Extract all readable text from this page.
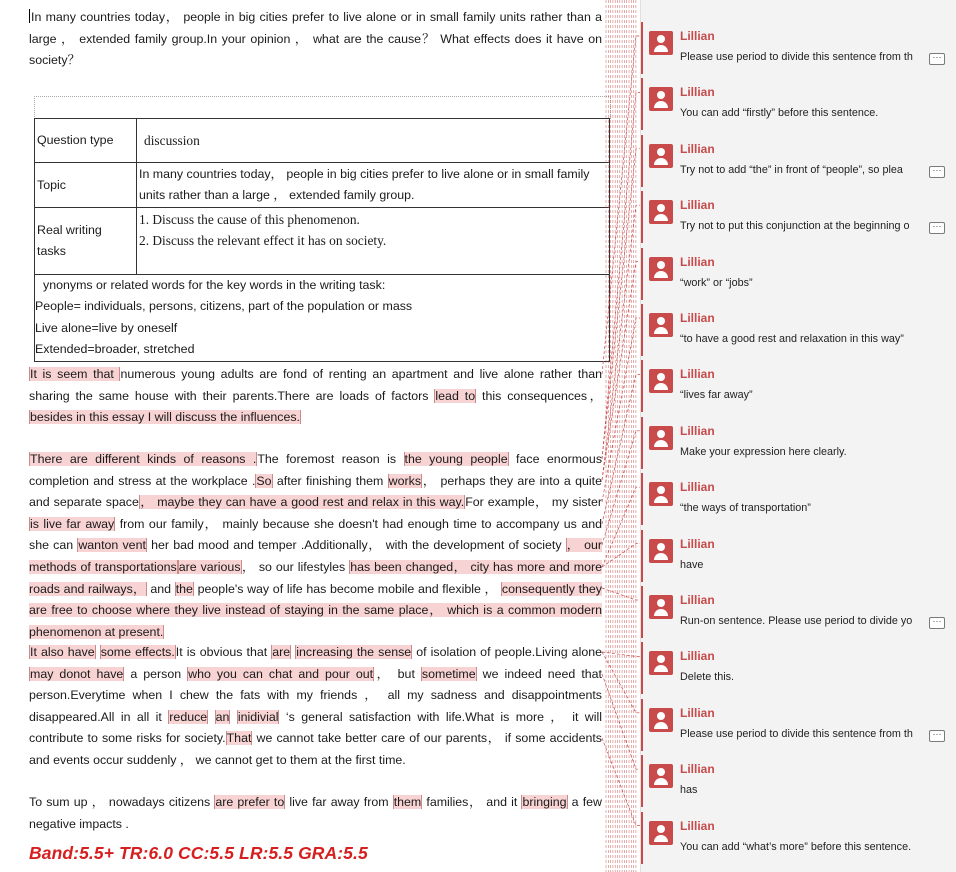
In many countries today， people in big cities prefer to live alone or in small family units rather than a large ， extended family group.In your opinion ， what are the cause？ What effects does it have on society？
Question type	discussion
Topic	In many countries today， people in big cities prefer to live alone or in small family units rather than a large ， extended family group.
Real writing tasks	1. Discuss the cause of this phenomenon.
2. Discuss the relevant effect it has on society.

ynonyms or related words for the key words in the writing task:
People= individuals, persons, citizens, part of the population or mass
Live alone=live by oneself
Extended=broader, stretched	
It is seem that numerous young adults are fond of renting an apartment and live alone rather than sharing the same house with their parents.There are loads of factors lead to this consequences， besides in this essay I will discuss the influences.
There are different kinds of reasons .The foremost reason is the young people face enormous completion and stress at the workplace .So after finishing them works， perhaps they are into a quite and separate space， maybe they can have a good rest and relax in this way.For example， my sister is live far away from our family， mainly because she doesn't had enough time to accompany us and she can wanton vent her bad mood and temper .Additionally， with the development of society ， our methods of transportations are various， so our lifestyles has been changed， city has more and more roads and railways， and the people's way of life has become mobile and flexible ， consequently they are free to choose where they live instead of staying in the same place， which is a common modern phenomenon at present.
It also have some effects.It is obvious that are increasing the sense of isolation of people.Living alone may donot have a person who you can chat and pour out， but sometime we indeed need that person.Everytime when I chew the fats with my friends ， all my sadness and disappointments disappeared.All in all it reduce an inidivial ‘s general satisfaction with life.What is more ， it will contribute to some risks for society.That we cannot take better care of our parents， if some accidents and events occur suddenly ， we cannot get to them at the first time.
To sum up ， nowadays citizens are prefer to live far away from them families， and it bringing a few negative impacts .
Band:5.5+ TR:6.0 CC:5.5 LR:5.5 GRA:5.5
Lillian
Please use period to divide this sentence from th	···
Lillian
You can add “firstly” before this sentence.
Lillian
Try not to add “the” in front of “people”, so plea	···
Lillian
Try not to put this conjunction at the beginning o	···
Lillian
“work” or “jobs”
Lillian
“to have a good rest and relaxation in this way”
Lillian
“lives far away”
Lillian
Make your expression here clearly.
Lillian
“the ways of transportation”
Lillian
have
Lillian
Run-on sentence. Please use period to divide yo	···
Lillian
Delete this.
Lillian
Please use period to divide this sentence from th	···
Lillian
has
Lillian
You can add “what’s more” before this sentence.
